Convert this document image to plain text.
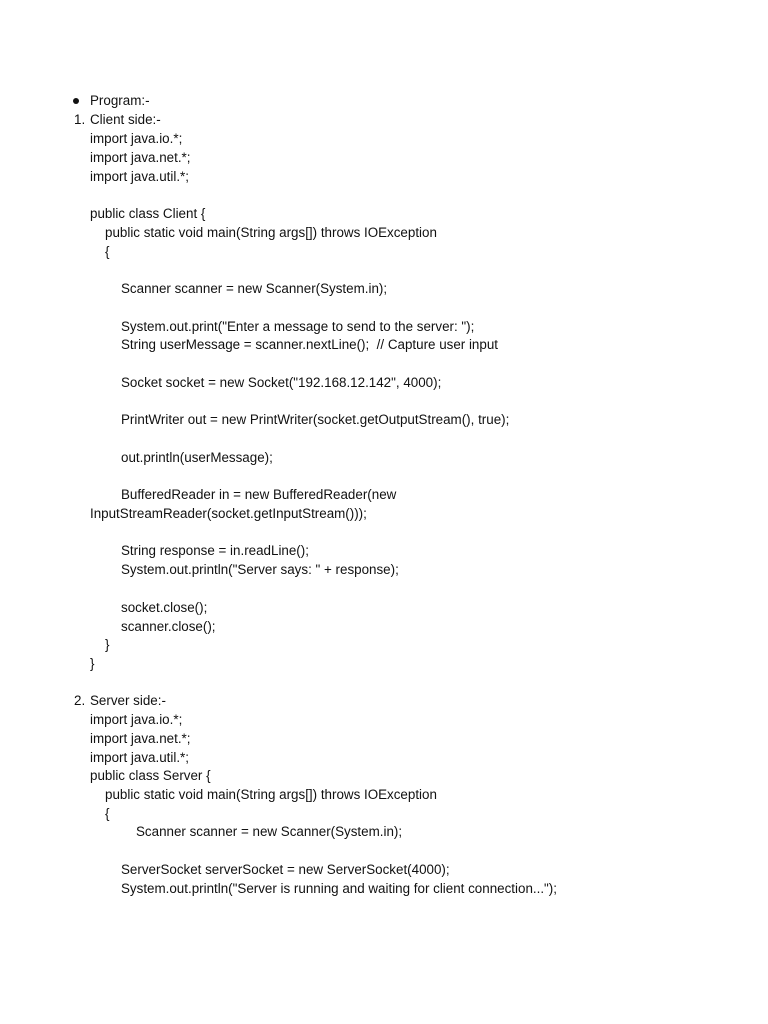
Program:-
1. Client side:-
import java.io.*;
import java.net.*;
import java.util.*;
public class Client {
public static void main(String args[]) throws IOException
{
Scanner scanner = new Scanner(System.in);
System.out.print("Enter a message to send to the server: ");
String userMessage = scanner.nextLine();  // Capture user input
Socket socket = new Socket("192.168.12.142", 4000);
PrintWriter out = new PrintWriter(socket.getOutputStream(), true);
out.println(userMessage);
BufferedReader in = new BufferedReader(new
InputStreamReader(socket.getInputStream()));
String response = in.readLine();
System.out.println("Server says: " + response);
socket.close();
scanner.close();
}
}
2. Server side:-
import java.io.*;
import java.net.*;
import java.util.*;
public class Server {
public static void main(String args[]) throws IOException
{
Scanner scanner = new Scanner(System.in);
ServerSocket serverSocket = new ServerSocket(4000);
System.out.println("Server is running and waiting for client connection...");
